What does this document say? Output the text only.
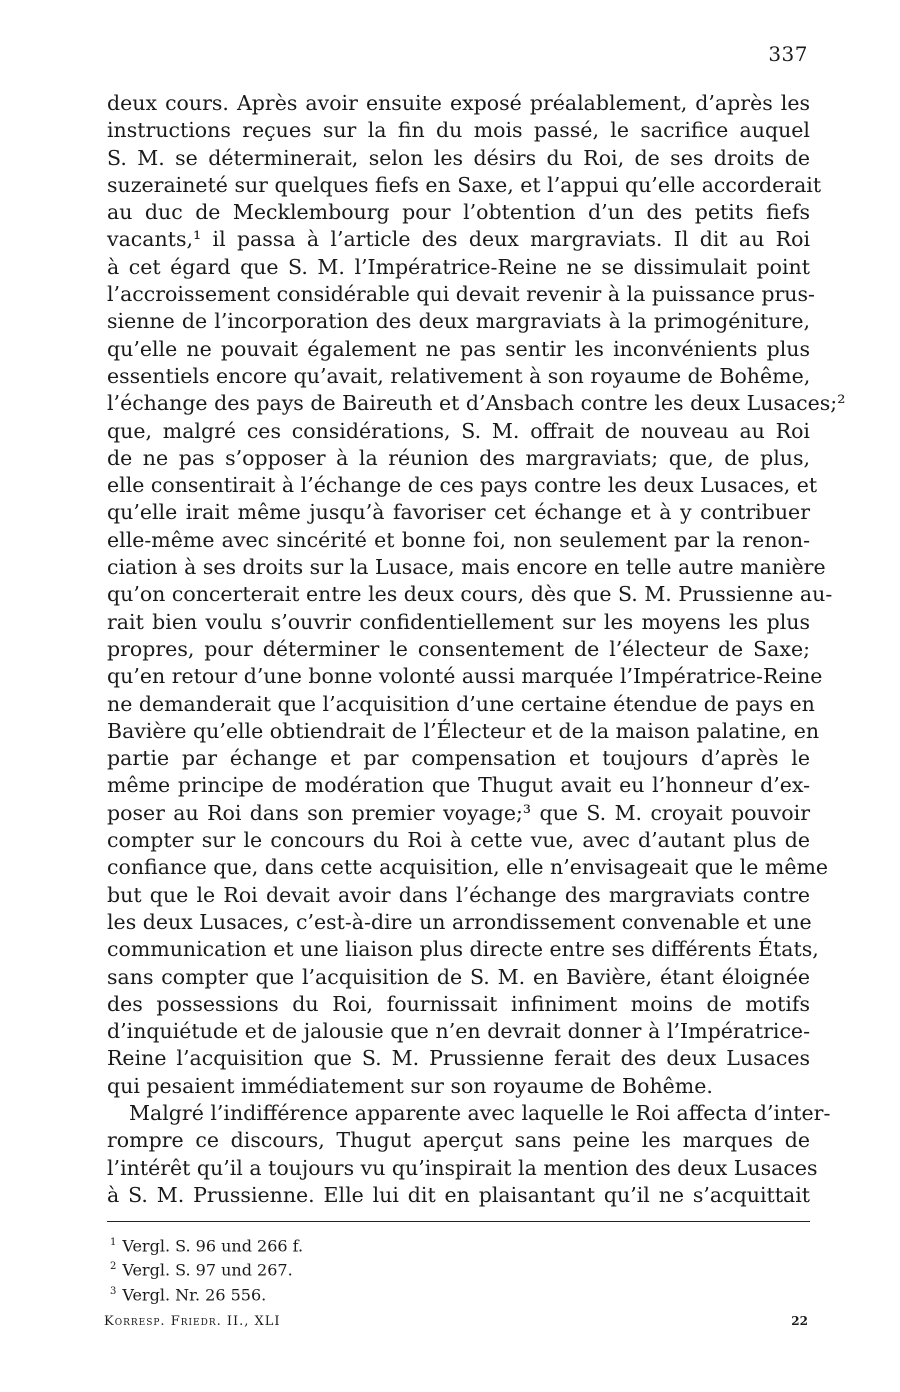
337
deux cours. Après avoir ensuite exposé préalablement, d’après les
instructions reçues sur la fin du mois passé, le sacrifice auquel
S. M. se déterminerait, selon les désirs du Roi, de ses droits de
suzeraineté sur quelques fiefs en Saxe, et l’appui qu’elle accorderait
au duc de Mecklembourg pour l’obtention d’un des petits fiefs
vacants,¹ il passa à l’article des deux margraviats. Il dit au Roi
à cet égard que S. M. l’Impératrice-Reine ne se dissimulait point
l’accroissement considérable qui devait revenir à la puissance prus-
sienne de l’incorporation des deux margraviats à la primogéniture,
qu’elle ne pouvait également ne pas sentir les inconvénients plus
essentiels encore qu’avait, relativement à son royaume de Bohême,
l’échange des pays de Baireuth et d’Ansbach contre les deux Lusaces;²
que, malgré ces considérations, S. M. offrait de nouveau au Roi
de ne pas s’opposer à la réunion des margraviats; que, de plus,
elle consentirait à l’échange de ces pays contre les deux Lusaces, et
qu’elle irait même jusqu’à favoriser cet échange et à y contribuer
elle-même avec sincérité et bonne foi, non seulement par la renon-
ciation à ses droits sur la Lusace, mais encore en telle autre manière
qu’on concerterait entre les deux cours, dès que S. M. Prussienne au-
rait bien voulu s’ouvrir confidentiellement sur les moyens les plus
propres, pour déterminer le consentement de l’électeur de Saxe;
qu’en retour d’une bonne volonté aussi marquée l’Impératrice-Reine
ne demanderait que l’acquisition d’une certaine étendue de pays en
Bavière qu’elle obtiendrait de l’Électeur et de la maison palatine, en
partie par échange et par compensation et toujours d’après le
même principe de modération que Thugut avait eu l’honneur d’ex-
poser au Roi dans son premier voyage;³ que S. M. croyait pouvoir
compter sur le concours du Roi à cette vue, avec d’autant plus de
confiance que, dans cette acquisition, elle n’envisageait que le même
but que le Roi devait avoir dans l’échange des margraviats contre
les deux Lusaces, c’est-à-dire un arrondissement convenable et une
communication et une liaison plus directe entre ses différents États,
sans compter que l’acquisition de S. M. en Bavière, étant éloignée
des possessions du Roi, fournissait infiniment moins de motifs
d’inquiétude et de jalousie que n’en devrait donner à l’Impératrice-
Reine l’acquisition que S. M. Prussienne ferait des deux Lusaces
qui pesaient immédiatement sur son royaume de Bohême.
Malgré l’indifférence apparente avec laquelle le Roi affecta d’inter-
rompre ce discours, Thugut aperçut sans peine les marques de
l’intérêt qu’il a toujours vu qu’inspirait la mention des deux Lusaces
à S. M. Prussienne. Elle lui dit en plaisantant qu’il ne s’acquittait
$^1$ Vergl. S. 96 und 266 f.
$^2$ Vergl. S. 97 und 267.
$^3$ Vergl. Nr. 26 556.
Korresp. Friedr. II., XLI	22
